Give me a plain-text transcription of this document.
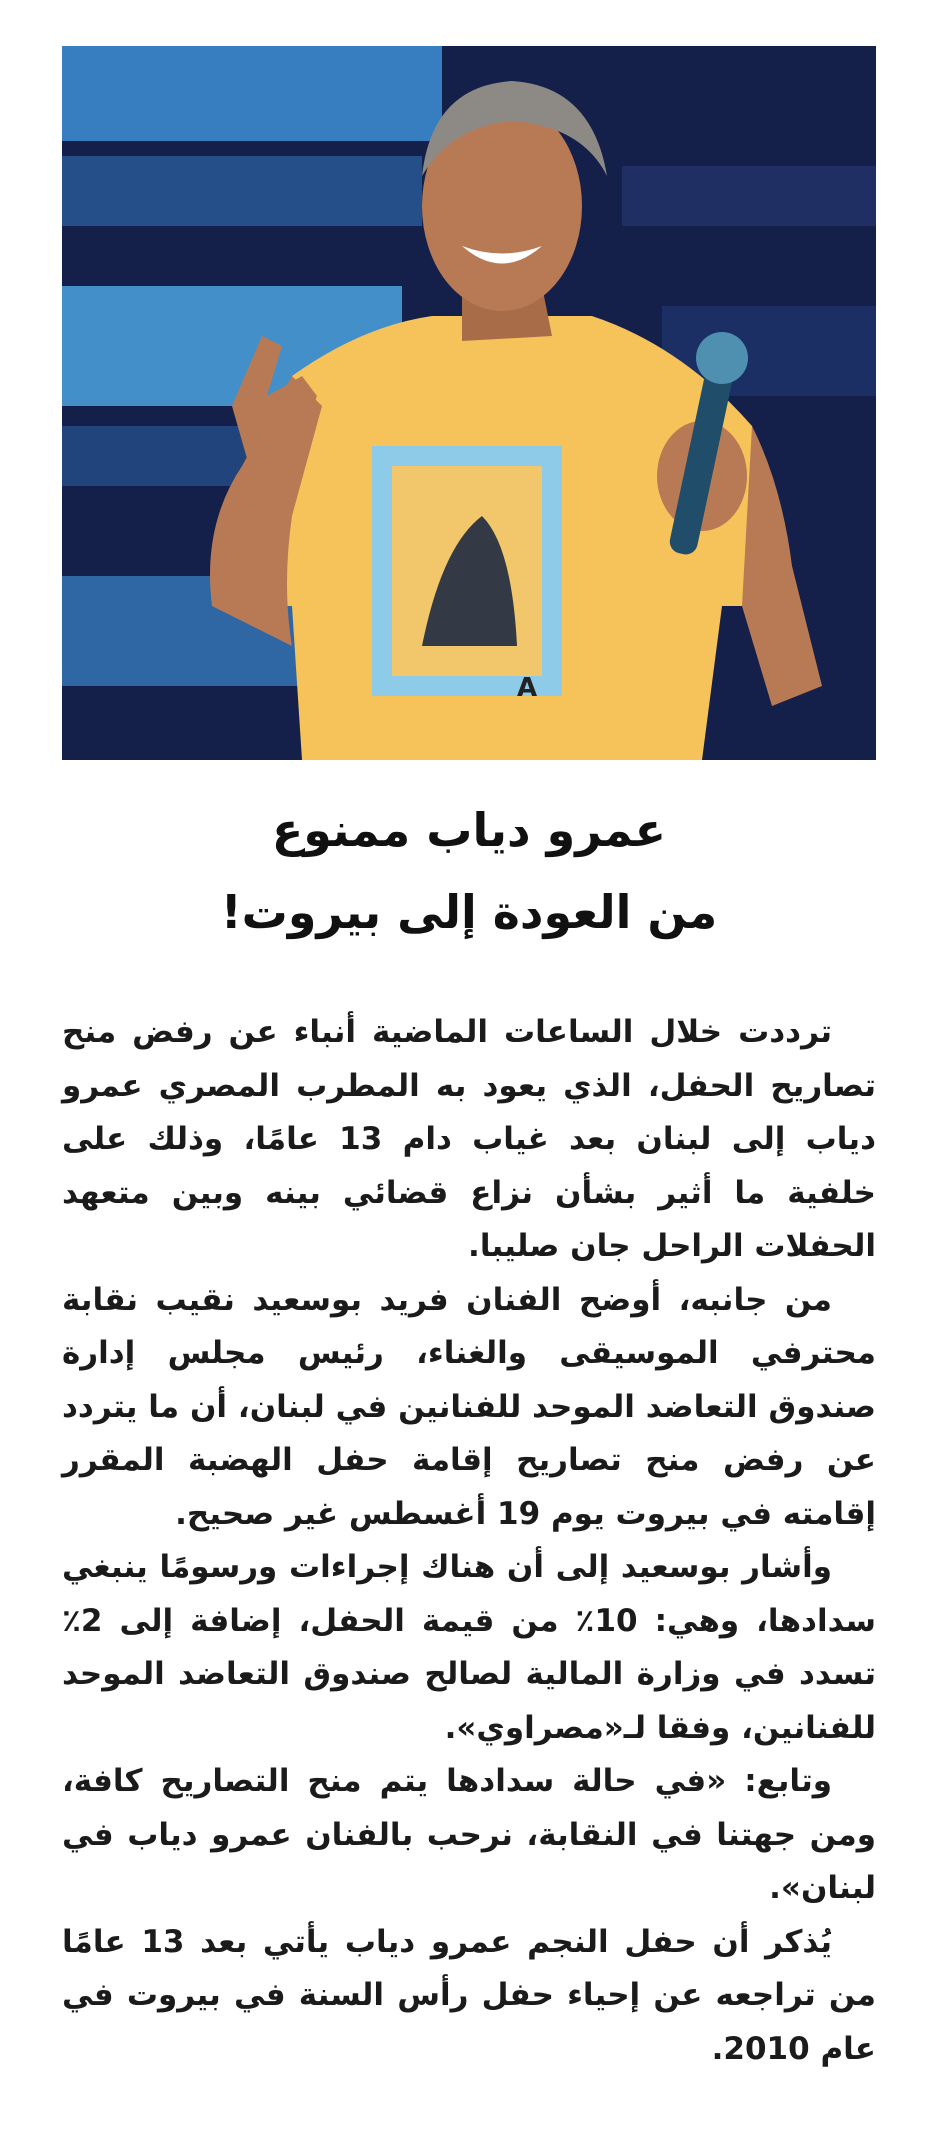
A
عمرو دياب ممنوع
من العودة إلى بيروت!

ترددت خلال الساعات الماضية أنباء عن رفض منح تصاريح الحفل، الذي يعود به المطرب المصري عمرو دياب إلى لبنان بعد غياب دام 13 عامًا، وذلك على خلفية ما أثير بشأن نزاع قضائي بينه وبين متعهد الحفلات الراحل جان صليبا.

من جانبه، أوضح الفنان فريد بوسعيد نقيب نقابة محترفي الموسيقى والغناء، رئيس مجلس إدارة صندوق التعاضد الموحد للفنانين في لبنان، أن ما يتردد عن رفض منح تصاريح إقامة حفل الهضبة المقرر إقامته في بيروت يوم 19 أغسطس غير صحيح.

وأشار بوسعيد إلى أن هناك إجراءات ورسومًا ينبغي سدادها، وهي: 10٪ من قيمة الحفل، إضافة إلى 2٪ تسدد في وزارة المالية لصالح صندوق التعاضد الموحد للفنانين، وفقا لـ«مصراوي».

وتابع: «في حالة سدادها يتم منح التصاريح كافة، ومن جهتنا في النقابة، نرحب بالفنان عمرو دياب في لبنان».

يُذكر أن حفل النجم عمرو دياب يأتي بعد 13 عامًا من تراجعه عن إحياء حفل رأس السنة في بيروت في عام 2010.
